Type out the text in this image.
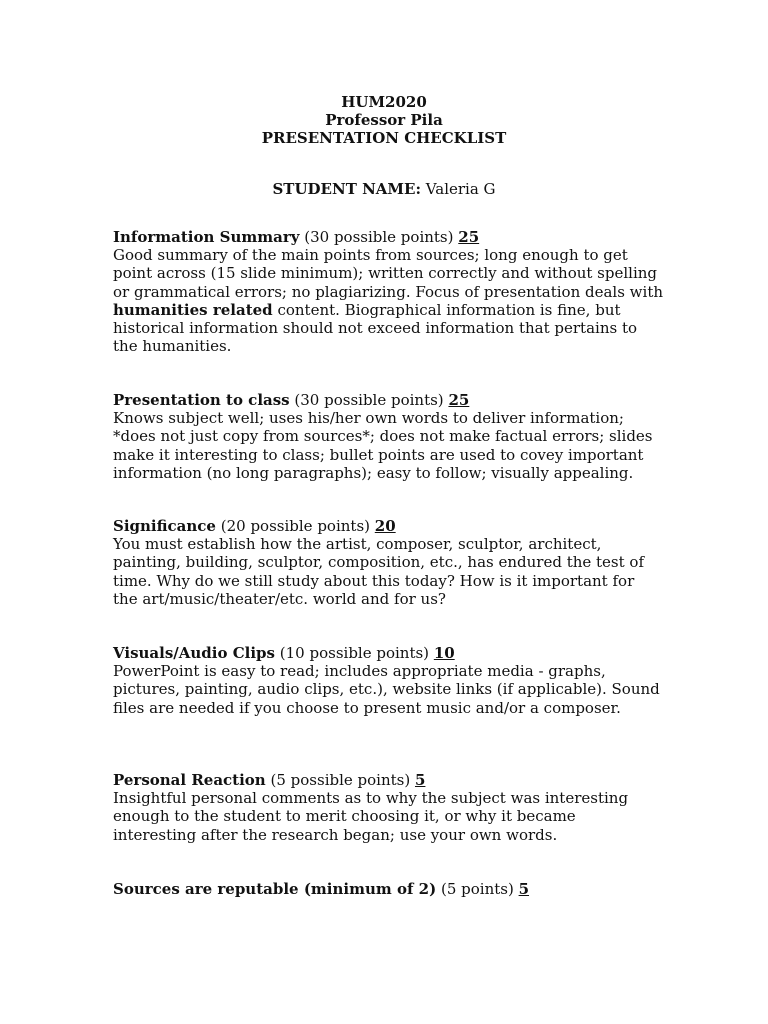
HUM2020
Professor Pila
PRESENTATION CHECKLIST
STUDENT NAME: Valeria G
Information Summary (30 possible points) 25

Good summary of the main points from sources; long enough to get point across (15 slide minimum); written correctly and without spelling or grammatical errors; no plagiarizing. Focus of presentation deals with humanities related content. Biographical information is fine, but historical information should not exceed information that pertains to the humanities.

Presentation to class (30 possible points) 25

Knows subject well; uses his/her own words to deliver information; *does not just copy from sources*; does not make factual errors; slides make it interesting to class; bullet points are used to covey important information (no long paragraphs); easy to follow; visually appealing.

Significance (20 possible points) 20

You must establish how the artist, composer, sculptor, architect, painting, building, sculptor, composition, etc., has endured the test of time. Why do we still study about this today? How is it important for the art/music/theater/etc. world and for us?

Visuals/Audio Clips (10 possible points) 10

PowerPoint is easy to read; includes appropriate media - graphs, pictures, painting, audio clips, etc.), website links (if applicable). Sound files are needed if you choose to present music and/or a composer.

Personal Reaction (5 possible points) 5

Insightful personal comments as to why the subject was interesting enough to the student to merit choosing it, or why it became interesting after the research began; use your own words.

Sources are reputable (minimum of 2) (5 points) 5
